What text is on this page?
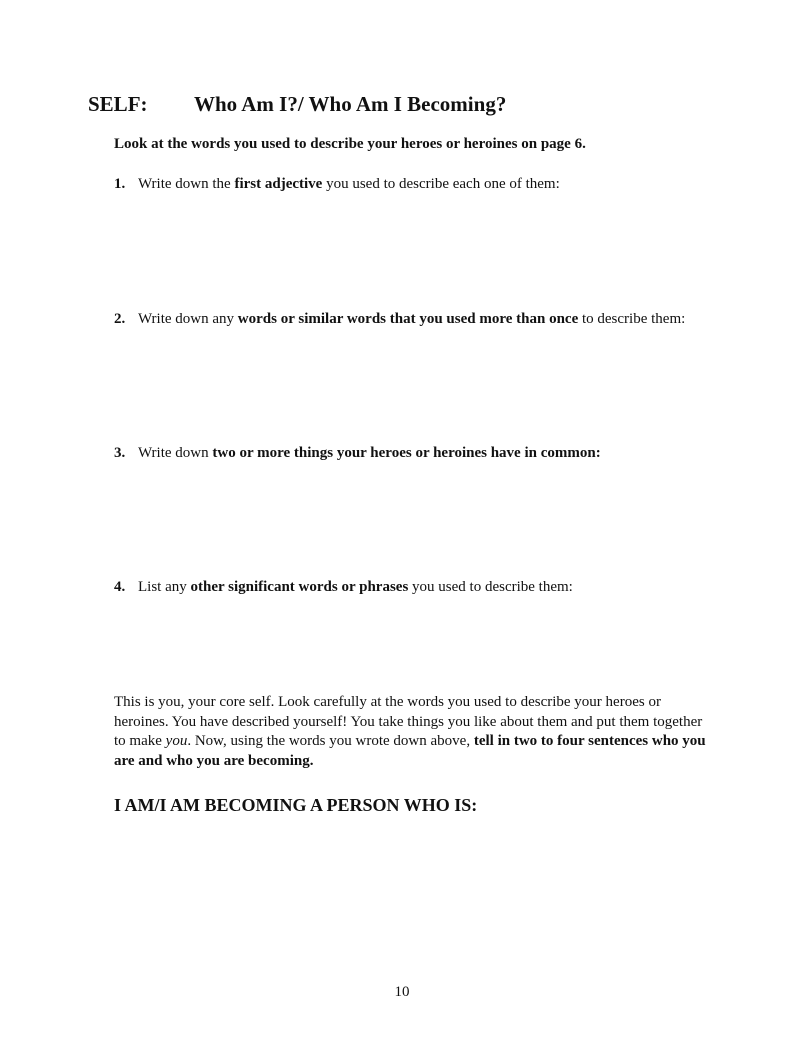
SELF: Who Am I?/ Who Am I Becoming?
Look at the words you used to describe your heroes or heroines on page 6.
1. Write down the first adjective you used to describe each one of them:
2. Write down any words or similar words that you used more than once to describe them:
3. Write down two or more things your heroes or heroines have in common:
4. List any other significant words or phrases you used to describe them:
This is you, your core self. Look carefully at the words you used to describe your heroes or heroines. You have described yourself! You take things you like about them and put them together to make you. Now, using the words you wrote down above, tell in two to four sentences who you are and who you are becoming.
I AM/I AM BECOMING A PERSON WHO IS:
10
